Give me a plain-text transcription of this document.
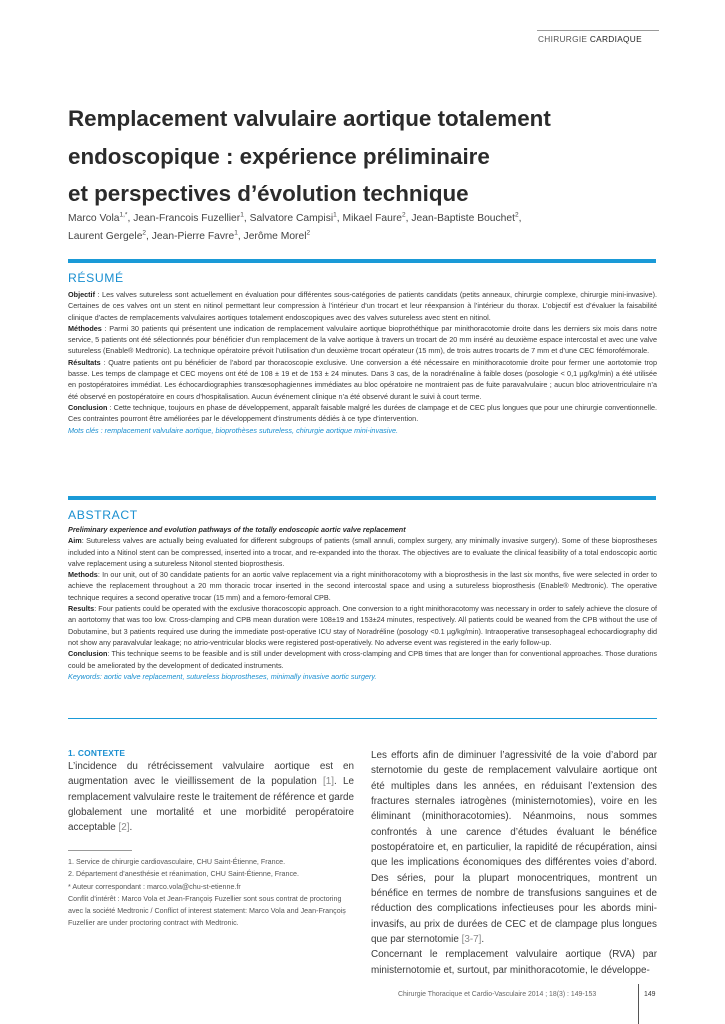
CHIRURGIE CARDIAQUE
Remplacement valvulaire aortique totalement
endoscopique : expérience préliminaire
et perspectives d’évolution technique
Marco Vola$^{1,*}$, Jean-Francois Fuzellier$^1$, Salvatore Campisi$^1$, Mikael Faure$^2$, Jean-Baptiste Bouchet$^2$,
Laurent Gergele$^2$, Jean-Pierre Favre$^1$, Jerôme Morel$^2$
RÉSUMÉ

Objectif : Les valves sutureless sont actuellement en évaluation pour différentes sous-catégories de patients candidats (petits anneaux, chirurgie complexe, chirurgie mini-invasive). Certaines de ces valves ont un stent en nitinol permettant leur compression à l’intérieur d’un trocart et leur réexpansion à l’intérieur du thorax. L’objectif est d’évaluer la faisabilité clinique d’actes de remplacements valvulaires aortiques totalement endoscopiques avec des valves sutureless avec stent en nitinol.

Méthodes : Parmi 30 patients qui présentent une indication de remplacement valvulaire aortique bioprothéthique par minithoracotomie droite dans les derniers six mois dans notre service, 5 patients ont été sélectionnés pour bénéficier d’un remplacement de la valve aortique à travers un trocart de 20 mm inséré au deuxième espace intercostal et avec une valve sutureless (Enable® Medtronic). La technique opératoire prévoit l’utilisation d’un deuxième trocart opérateur (15 mm), de trois autres trocarts de 7 mm et d’une CEC fémorofémorale.

Résultats : Quatre patients ont pu bénéficier de l’abord par thoracoscopie exclusive. Une conversion a été nécessaire en minithoracotomie droite pour fermer une aortotomie trop basse. Les temps de clampage et CEC moyens ont été de 108 ± 19 et de 153 ± 24 minutes. Dans 3 cas, de la noradrénaline à faible doses (posologie < 0,1 µg/kg/min) a été utilisée en postopératoires immédiat. Les échocardiographies transœsophagiennes immédiates au bloc opératoire ne montraient pas de fuite paravalvulaire ; aucun bloc atrioventriculaire n’a été observé en postopératoire en cours d’hospitalisation. Aucun événement clinique n’a été observé durant le suivi à court terme.

Conclusion : Cette technique, toujours en phase de développement, apparaît faisable malgré les durées de clampage et de CEC plus longues que pour une chirurgie conventionnelle. Ces contraintes pourront être améliorées par le développement d’instruments dédiés à ce type d’intervention.

Mots clés : remplacement valvulaire aortique, bioprothèses sutureless, chirurgie aortique mini-invasive.

ABSTRACT

Preliminary experience and evolution pathways of the totally endoscopic aortic valve replacement

Aim: Sutureless valves are actually being evaluated for different subgroups of patients (small annuli, complex surgery, any minimally invasive surgery). Some of these bioprostheses included into a Nitinol stent can be compressed, inserted into a trocar, and re-expanded into the thorax. The objectives are to evaluate the clinical feasibility of a total endoscopic aortic valve replacement using a sutureless Nitonol stented bioprosthesis.

Methods: In our unit, out of 30 candidate patients for an aortic valve replacement via a right minithoracotomy with a bioprosthesis in the last six months, five were selected in order to achieve the replacement throughout a 20 mm thoracic trocar inserted in the second intercostal space and using a sutureless bioprosthesis (Enable® Medtronic). The operative technique requires a second operative trocar (15 mm) and a femoro-femoral CPB.

Results: Four patients could be operated with the exclusive thoracoscopic approach. One conversion to a right minithoracotomy was necessary in order to safely achieve the closure of an aortotomy that was too low. Cross-clamping and CPB mean duration were 108±19 and 153±24 minutes, respectively. All patients could be weaned from the CPB without the use of Dobutamine, but 3 patients required use during the immediate post-operative ICU stay of Noradréline (posology <0.1 µg/kg/min). Intraoperative transesophageal echocardiography did not show any paravalvular leakage; no atrio-ventricular blocks were registered post-operatively. No adverse event was registered in the early follow-up.

Conclusion: This technique seems to be feasible and is still under development with cross-clamping and CPB times that are longer than for conventional approaches. Those durations could be ameliorated by the development of dedicated instruments.

Keywords: aortic valve replacement, sutureless bioprostheses, minimally invasive aortic surgery.

1. CONTEXTE

L’incidence du rétrécissement valvulaire aortique est en augmentation avec le vieillissement de la population [1]. Le remplacement valvulaire reste le traitement de référence et garde globalement une mortalité et une morbidité peropératoire acceptable [2].

1. Service de chirurgie cardiovasculaire, CHU Saint-Étienne, France.

2. Département d’anesthésie et réanimation, CHU Saint-Étienne, France.

* Auteur correspondant : marco.vola@chu-st-etienne.fr

Conflit d’intérêt : Marco Vola et Jean-Françoiș Fuzellier sont sous contrat de proctoring avec la société Medtronic / Conflict of interest statement: Marco Vola and Jean-Françoiș Fuzellier are under proctoring contract with Medtronic.

Les efforts afin de diminuer l’agressivité de la voie d’abord par sternotomie du geste de remplacement valvulaire aortique ont été multiples dans les années, en réduisant l’extension des fractures sternales iatrogènes (ministernotomies), voire en les éliminant (minithoracotomies). Néanmoins, nous sommes confrontés à une carence d’études évaluant le bénéfice postopératoire et, en particulier, la rapidité de récupération, ainsi que les implications économiques des différentes voies d’abord. Des séries, pour la plupart monocentriques, montrent un bénéfice en termes de nombre de transfusions sanguines et de réduction des complications infectieuses pour les abords mini-invasifs, au prix de durées de CEC et de clampage plus longues que par sternotomie [3-7].

Concernant le remplacement valvulaire aortique (RVA) par ministernotomie et, surtout, par minithoracotomie, le développe-

Chirurgie Thoracique et Cardio-Vasculaire 2014 ; 18(3) : 149-153	149
